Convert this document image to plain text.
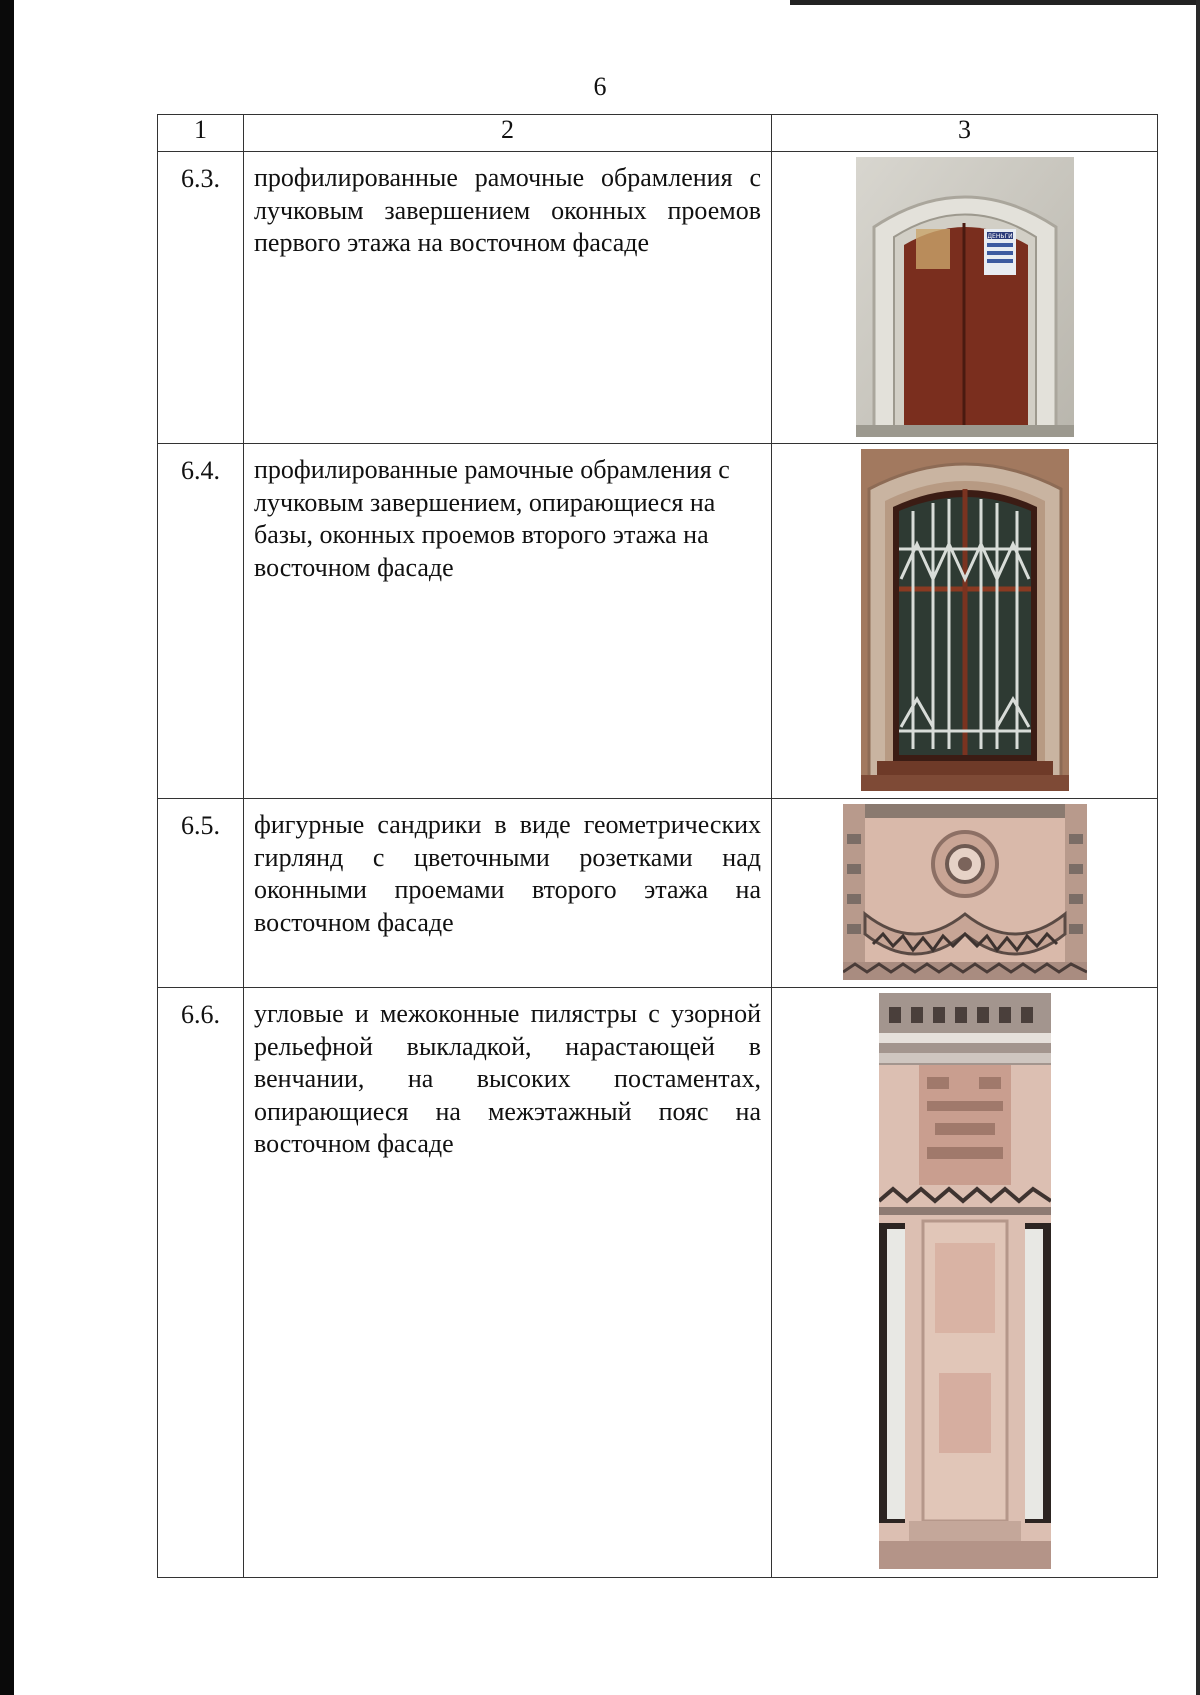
6
1	2	3
6.3.	профилированные рамочные обрамления с лучковым завершением оконных проемов первого этажа на восточном фасаде	ДЕНЬГИ

6.4.	профилированные рамочные обрамления с лучковым завершением, опирающиеся на базы, оконных проемов второго этажа на восточном фасаде	

6.5.	фигурные сандрики в виде геометрических гирлянд с цветочными розетками над оконными проемами второго этажа на восточном фасаде	

6.6.	угловые и межоконные пилястры с узорной рельефной выкладкой, нарастающей в венчании, на высоких постаментах, опирающиеся на межэтажный пояс на восточном фасаде	
